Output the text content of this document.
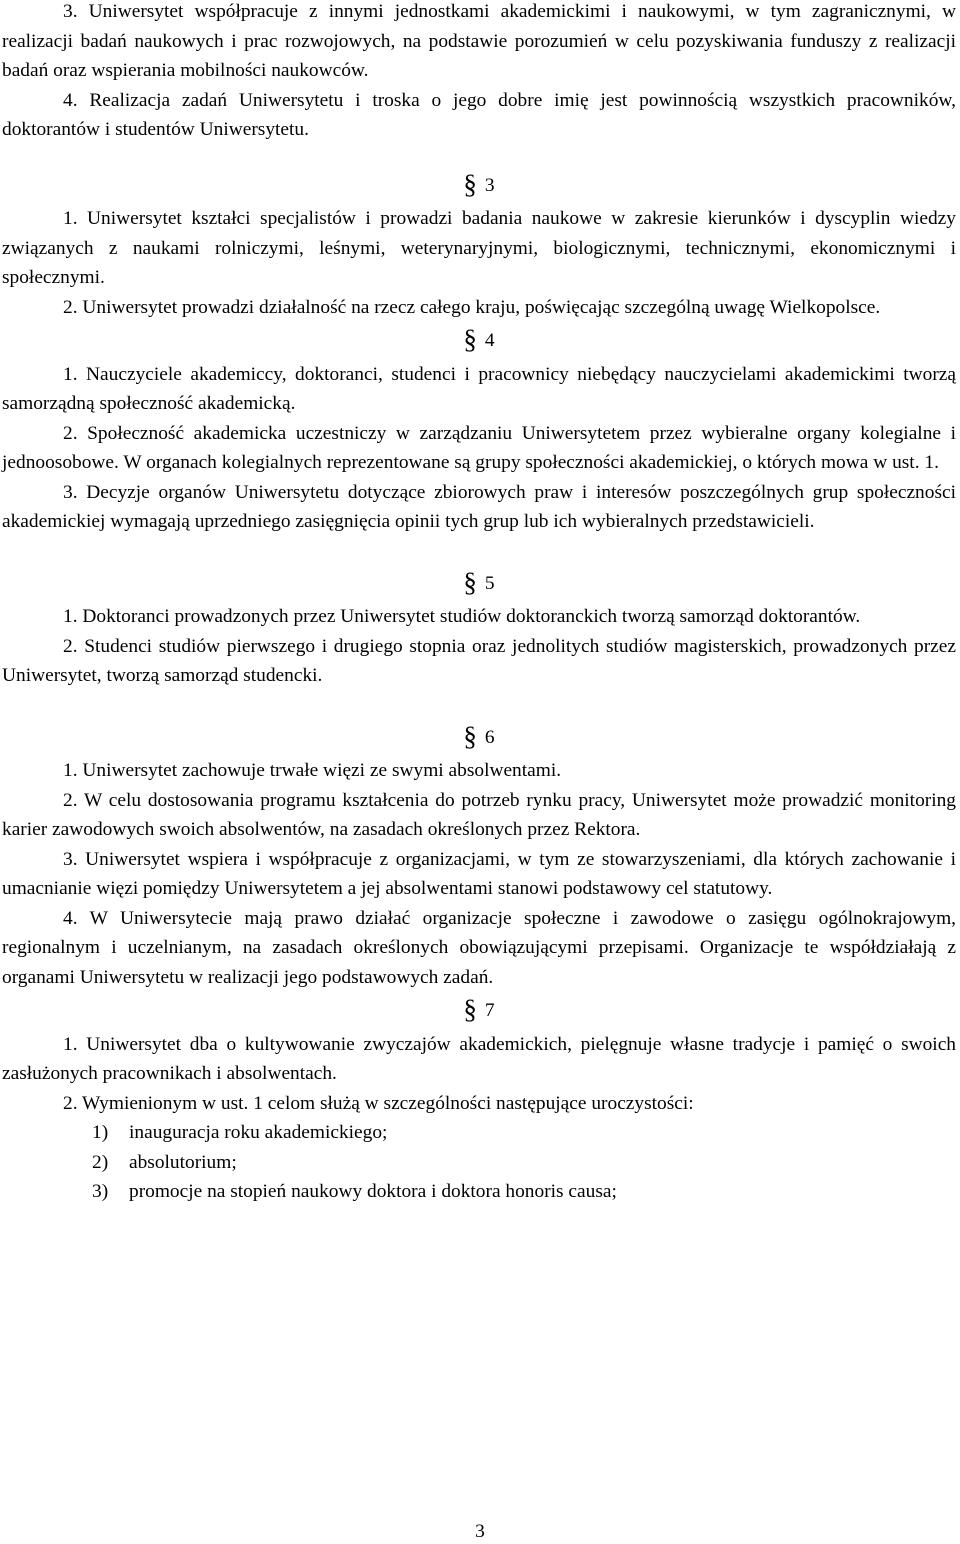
3. Uniwersytet współpracuje z innymi jednostkami akademickimi i naukowymi, w tym zagranicznymi, w realizacji badań naukowych i prac rozwojowych, na podstawie porozumień w celu pozyskiwania funduszy z realizacji badań oraz wspierania mobilności naukowców.

4. Realizacja zadań Uniwersytetu i troska o jego dobre imię jest powinnością wszystkich pracowników, doktorantów i studentów Uniwersytetu.

§ 3

1. Uniwersytet kształci specjalistów i prowadzi badania naukowe w zakresie kierunków i dyscyplin wiedzy związanych z naukami rolniczymi, leśnymi, weterynaryjnymi, biologicznymi, technicznymi, ekonomicznymi i społecznymi.

2. Uniwersytet prowadzi działalność na rzecz całego kraju, poświęcając szczególną uwagę Wielkopolsce.

§ 4

1. Nauczyciele akademiccy, doktoranci, studenci i pracownicy niebędący nauczycielami akademickimi tworzą samorządną społeczność akademicką.

2. Społeczność akademicka uczestniczy w zarządzaniu Uniwersytetem przez wybieralne organy kolegialne i jednoosobowe. W organach kolegialnych reprezentowane są grupy społeczności akademickiej, o których mowa w ust. 1.

3. Decyzje organów Uniwersytetu dotyczące zbiorowych praw i interesów poszczególnych grup społeczności akademickiej wymagają uprzedniego zasięgnięcia opinii tych grup lub ich wybieralnych przedstawicieli.

§ 5

1. Doktoranci prowadzonych przez Uniwersytet studiów doktoranckich tworzą samorząd doktorantów.

2. Studenci studiów pierwszego i drugiego stopnia oraz jednolitych studiów magisterskich, prowadzonych przez Uniwersytet, tworzą samorząd studencki.

§ 6

1. Uniwersytet zachowuje trwałe więzi ze swymi absolwentami.

2. W celu dostosowania programu kształcenia do potrzeb rynku pracy, Uniwersytet może prowadzić monitoring karier zawodowych swoich absolwentów, na zasadach określonych przez Rektora.

3. Uniwersytet wspiera i współpracuje z organizacjami, w tym ze stowarzyszeniami, dla których zachowanie i umacnianie więzi pomiędzy Uniwersytetem a jej absolwentami stanowi podstawowy cel statutowy.

4. W Uniwersytecie mają prawo działać organizacje społeczne i zawodowe o zasięgu ogólnokrajowym, regionalnym i uczelnianym, na zasadach określonych obowiązującymi przepisami. Organizacje te współdziałają z organami Uniwersytetu w realizacji jego podstawowych zadań.

§ 7

1. Uniwersytet dba o kultywowanie zwyczajów akademickich, pielęgnuje własne tradycje i pamięć o swoich zasłużonych pracownikach i absolwentach.

2. Wymienionym w ust. 1 celom służą w szczególności następujące uroczystości:

1) inauguracja roku akademickiego;

2) absolutorium;

3) promocje na stopień naukowy doktora i doktora honoris causa;

3
